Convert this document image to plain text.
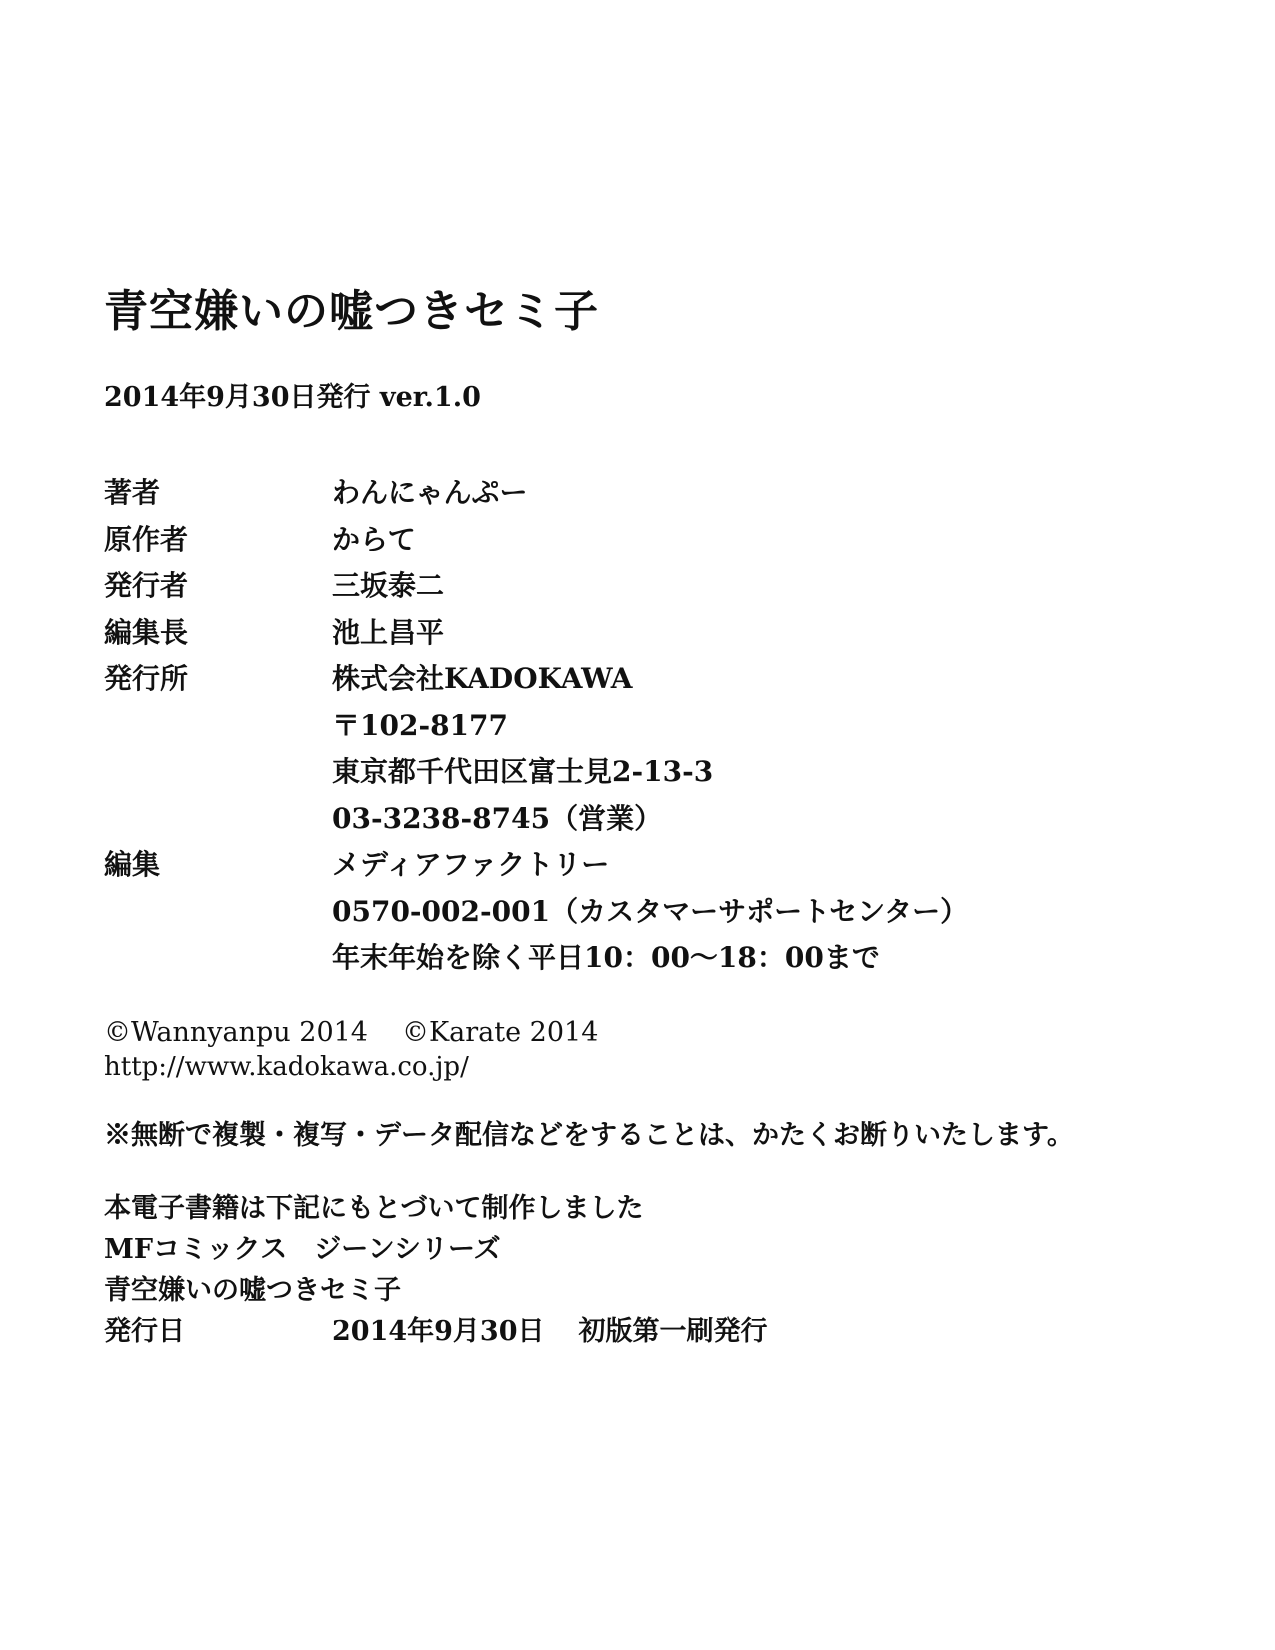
青空嫌いの嘘つきセミ子
2014年9月30日発行 ver.1.0
著者	わんにゃんぷー
原作者	からて
発行者	三坂泰二
編集長	池上昌平
発行所	株式会社KADOKAWA
〒102-8177
東京都千代田区富士見2-13-3
03-3238-8745（営業）
編集	メディアファクトリー
0570-002-001（カスタマーサポートセンター）
年末年始を除く平日10：00～18：00まで
©Wannyanpu 2014 ©Karate 2014
http://www.kadokawa.co.jp/
※無断で複製・複写・データ配信などをすることは、かたくお断りいたします。
本電子書籍は下記にもとづいて制作しました
MFコミックス　ジーンシリーズ
青空嫌いの嘘つきセミ子
発行日	2014年9月30日 初版第一刷発行
